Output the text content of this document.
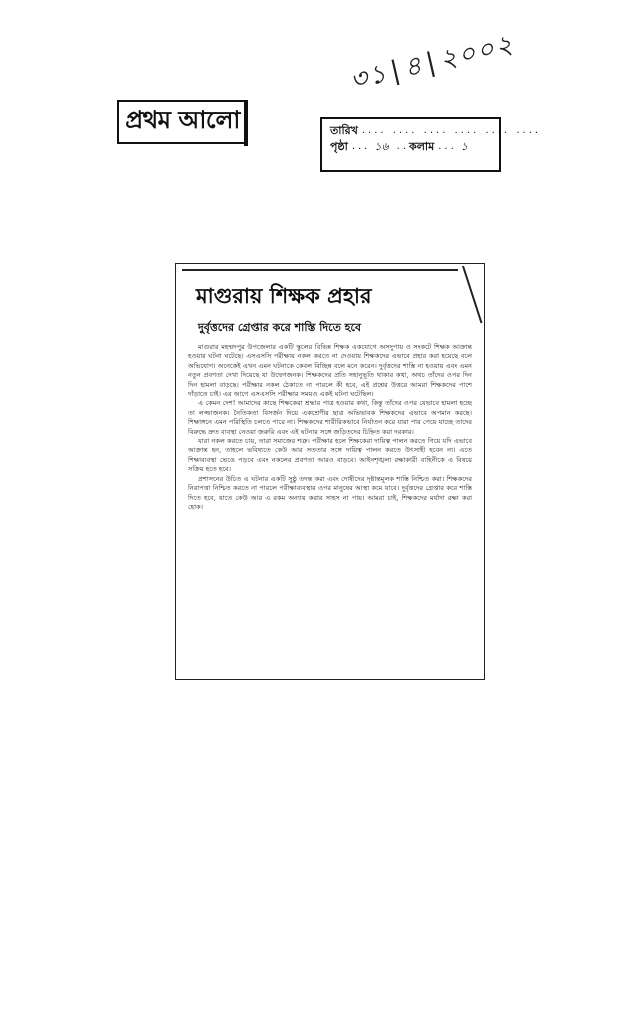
প্রথম আলো
৩১|৪|২০০২
তারিখ .... .... .... .... .... ....
পৃষ্ঠা ... ১৬ .. কলাম ... ১
মাগুরায় শিক্ষক প্রহার
দুর্বৃত্তদের গ্রেপ্তার করে শাস্তি দিতে হবে

মাগুরার মহম্মদপুর উপজেলার একটি স্কুলের বিভিন্ন শিক্ষক একযোগে অসদুপায় ও সংকটে শিক্ষক আক্রান্ত হওয়ার ঘটনা ঘটেছে। এসএসসি পরীক্ষায় নকল করতে না দেওয়ায় শিক্ষকদের এভাবে প্রহার করা হয়েছে বলে অভিযোগ। অনেকেই এখন এমন ঘটনাকে কেবল বিচ্ছিন্ন বলে মনে করেন। দুর্বৃত্তদের শাস্তি না হওয়ায় এবং এমন নতুন প্রবণতা দেখা দিয়েছে যা উদ্বেগজনক। শিক্ষকদের প্রতি সহানুভূতি থাকার কথা, অথচ তাঁদের ওপর দিন দিন হামলা বাড়ছে। পরীক্ষার নকল ঠেকাতে না পারলে কী হবে, এই প্রশ্নের উত্তরে আমরা শিক্ষকদের পাশে দাঁড়াতে চাই। এর আগে এসএসসি পরীক্ষার সময়ও একই ঘটনা ঘটেছিল।

এ কেমন দেশ! আমাদের কাছে শিক্ষকেরা শ্রদ্ধার পাত্র হওয়ার কথা, কিন্তু তাঁদের ওপর যেভাবে হামলা হচ্ছে তা লজ্জাজনক। নৈতিকতা বিসর্জন দিয়ে একশ্রেণীর ছাত্র অভিভাবক শিক্ষকদের এভাবে অপমান করছে। শিক্ষাঙ্গনে এমন পরিস্থিতি চলতে পারে না। শিক্ষকদের শারীরিকভাবে নির্যাতন করে যারা পার পেয়ে যাচ্ছে তাদের বিরুদ্ধে দ্রুত ব্যবস্থা নেওয়া জরুরি এবং এই ঘটনার সঙ্গে জড়িতদের চিহ্নিত করা দরকার।

যারা নকল করতে চায়, তারা সমাজের শত্রু। পরীক্ষার হলে শিক্ষকেরা দায়িত্ব পালন করতে গিয়ে যদি এভাবে আক্রান্ত হন, তাহলে ভবিষ্যতে কেউ আর সততার সঙ্গে দায়িত্ব পালন করতে উৎসাহী হবেন না। এতে শিক্ষাব্যবস্থা ভেঙে পড়বে এবং নকলের প্রবণতা আরও বাড়বে। আইনশৃঙ্খলা রক্ষাকারী বাহিনীকে এ বিষয়ে সক্রিয় হতে হবে।

প্রশাসনের উচিত এ ঘটনার একটি সুষ্ঠু তদন্ত করা এবং দোষীদের দৃষ্টান্তমূলক শাস্তি নিশ্চিত করা। শিক্ষকদের নিরাপত্তা নিশ্চিত করতে না পারলে পরীক্ষাব্যবস্থার ওপর মানুষের আস্থা কমে যাবে। দুর্বৃত্তদের গ্রেপ্তার করে শাস্তি দিতে হবে, যাতে কেউ আর এ রকম অন্যায় করার সাহস না পায়। আমরা চাই, শিক্ষকদের মর্যাদা রক্ষা করা হোক।
